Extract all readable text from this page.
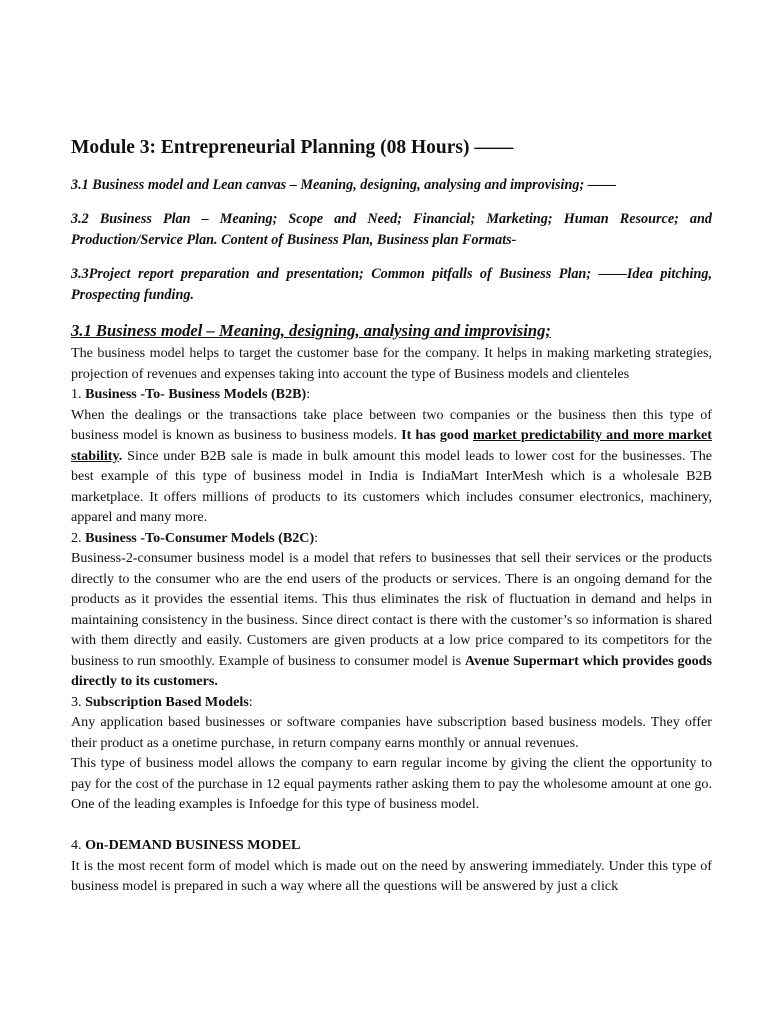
Module 3: Entrepreneurial Planning (08 Hours) ——

3.1 Business model and Lean canvas – Meaning, designing, analysing and improvising; ——

3.2 Business Plan – Meaning; Scope and Need; Financial; Marketing; Human Resource; and Production/Service Plan. Content of Business Plan, Business plan Formats-

3.3Project report preparation and presentation; Common pitfalls of Business Plan; ——Idea pitching, Prospecting funding.

3.1 Business model – Meaning, designing, analysing and improvising;

The business model helps to target the customer base for the company. It helps in making marketing strategies, projection of revenues and expenses taking into account the type of Business models and clienteles

1. Business -To- Business Models (B2B):

When the dealings or the transactions take place between two companies or the business then this type of business model is known as business to business models. It has good market predictability and more market stability. Since under B2B sale is made in bulk amount this model leads to lower cost for the businesses. The best example of this type of business model in India is IndiaMart InterMesh which is a wholesale B2B marketplace. It offers millions of products to its customers which includes consumer electronics, machinery, apparel and many more.

2. Business -To-Consumer Models (B2C):

Business-2-consumer business model is a model that refers to businesses that sell their services or the products directly to the consumer who are the end users of the products or services. There is an ongoing demand for the products as it provides the essential items. This thus eliminates the risk of fluctuation in demand and helps in maintaining consistency in the business. Since direct contact is there with the customer’s so information is shared with them directly and easily. Customers are given products at a low price compared to its competitors for the business to run smoothly. Example of business to consumer model is Avenue Supermart which provides goods directly to its customers.

3. Subscription Based Models:

Any application based businesses or software companies have subscription based business models. They offer their product as a onetime purchase, in return company earns monthly or annual revenues.

This type of business model allows the company to earn regular income by giving the client the opportunity to pay for the cost of the purchase in 12 equal payments rather asking them to pay the wholesome amount at one go. One of the leading examples is Infoedge for this type of business model.

4. On-DEMAND BUSINESS MODEL

It is the most recent form of model which is made out on the need by answering immediately. Under this type of business model is prepared in such a way where all the questions will be answered by just a click
